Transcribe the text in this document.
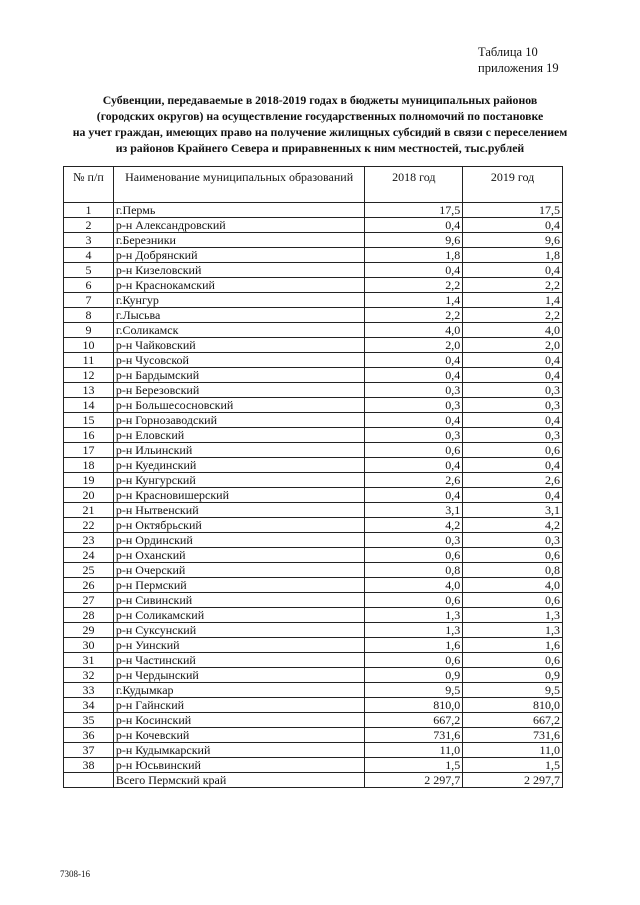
Таблица 10
приложения 19
Субвенции, передаваемые в 2018-2019 годах в бюджеты муниципальных районов
(городских округов) на осуществление государственных полномочий по постановке
на учет граждан, имеющих право на получение жилищных субсидий в связи с переселением
из районов Крайнего Севера и приравненных к ним местностей, тыс.рублей
№ п/п	Наименование муниципальных образований	2018 год	2019 год
1	г.Пермь	17,5	17,5
2	р-н Александровский	0,4	0,4
3	г.Березники	9,6	9,6
4	р-н Добрянский	1,8	1,8
5	р-н Кизеловский	0,4	0,4
6	р-н Краснокамский	2,2	2,2
7	г.Кунгур	1,4	1,4
8	г.Лысьва	2,2	2,2
9	г.Соликамск	4,0	4,0
10	р-н Чайковский	2,0	2,0
11	р-н Чусовской	0,4	0,4
12	р-н Бардымский	0,4	0,4
13	р-н Березовский	0,3	0,3
14	р-н Большесосновский	0,3	0,3
15	р-н Горнозаводский	0,4	0,4
16	р-н Еловский	0,3	0,3
17	р-н Ильинский	0,6	0,6
18	р-н Куединский	0,4	0,4
19	р-н Кунгурский	2,6	2,6
20	р-н Красновишерский	0,4	0,4
21	р-н Нытвенский	3,1	3,1
22	р-н Октябрьский	4,2	4,2
23	р-н Ординский	0,3	0,3
24	р-н Оханский	0,6	0,6
25	р-н Очерский	0,8	0,8
26	р-н Пермский	4,0	4,0
27	р-н Сивинский	0,6	0,6
28	р-н Соликамский	1,3	1,3
29	р-н Суксунский	1,3	1,3
30	р-н Уинский	1,6	1,6
31	р-н Частинский	0,6	0,6
32	р-н Чердынский	0,9	0,9
33	г.Кудымкар	9,5	9,5
34	р-н Гайнский	810,0	810,0
35	р-н Косинский	667,2	667,2
36	р-н Кочевский	731,6	731,6
37	р-н Кудымкарский	11,0	11,0
38	р-н Юсьвинский	1,5	1,5
	Всего Пермский край	2 297,7	2 297,7
7308-16
